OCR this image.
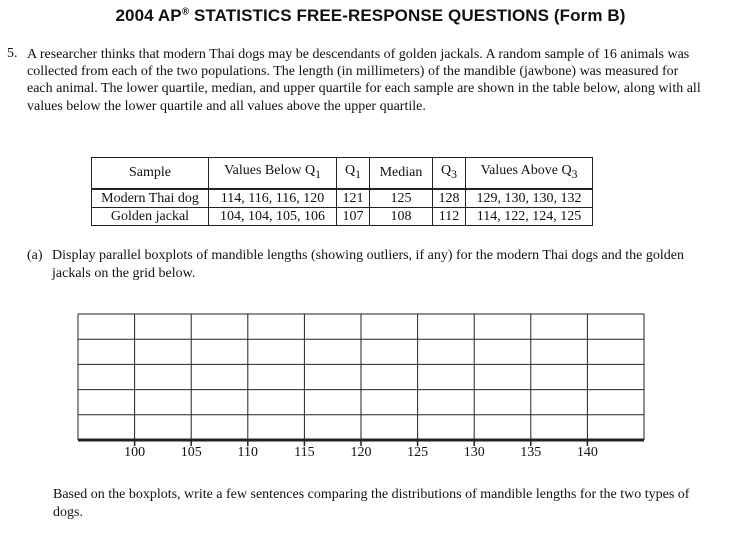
2004 AP® STATISTICS FREE-RESPONSE QUESTIONS (Form B)
5. A researcher thinks that modern Thai dogs may be descendants of golden jackals. A random sample of 16 animals was collected from each of the two populations. The length (in millimeters) of the mandible (jawbone) was measured for each animal. The lower quartile, median, and upper quartile for each sample are shown in the table below, along with all values below the lower quartile and all values above the upper quartile.
Sample	Values Below $Q_1$	$Q_1$	Median	$Q_3$	Values Above $Q_3$
Modern Thai dog	114, 116, 116, 120	121	125	128	129, 130, 130, 132
Golden jackal	104, 104, 105, 106	107	108	112	114, 122, 124, 125
(a) Display parallel boxplots of mandible lengths (showing outliers, if any) for the modern Thai dogs and the golden jackals on the grid below.
100	105	110	115	120	125	130	135	140
Based on the boxplots, write a few sentences comparing the distributions of mandible lengths for the two types of dogs.
